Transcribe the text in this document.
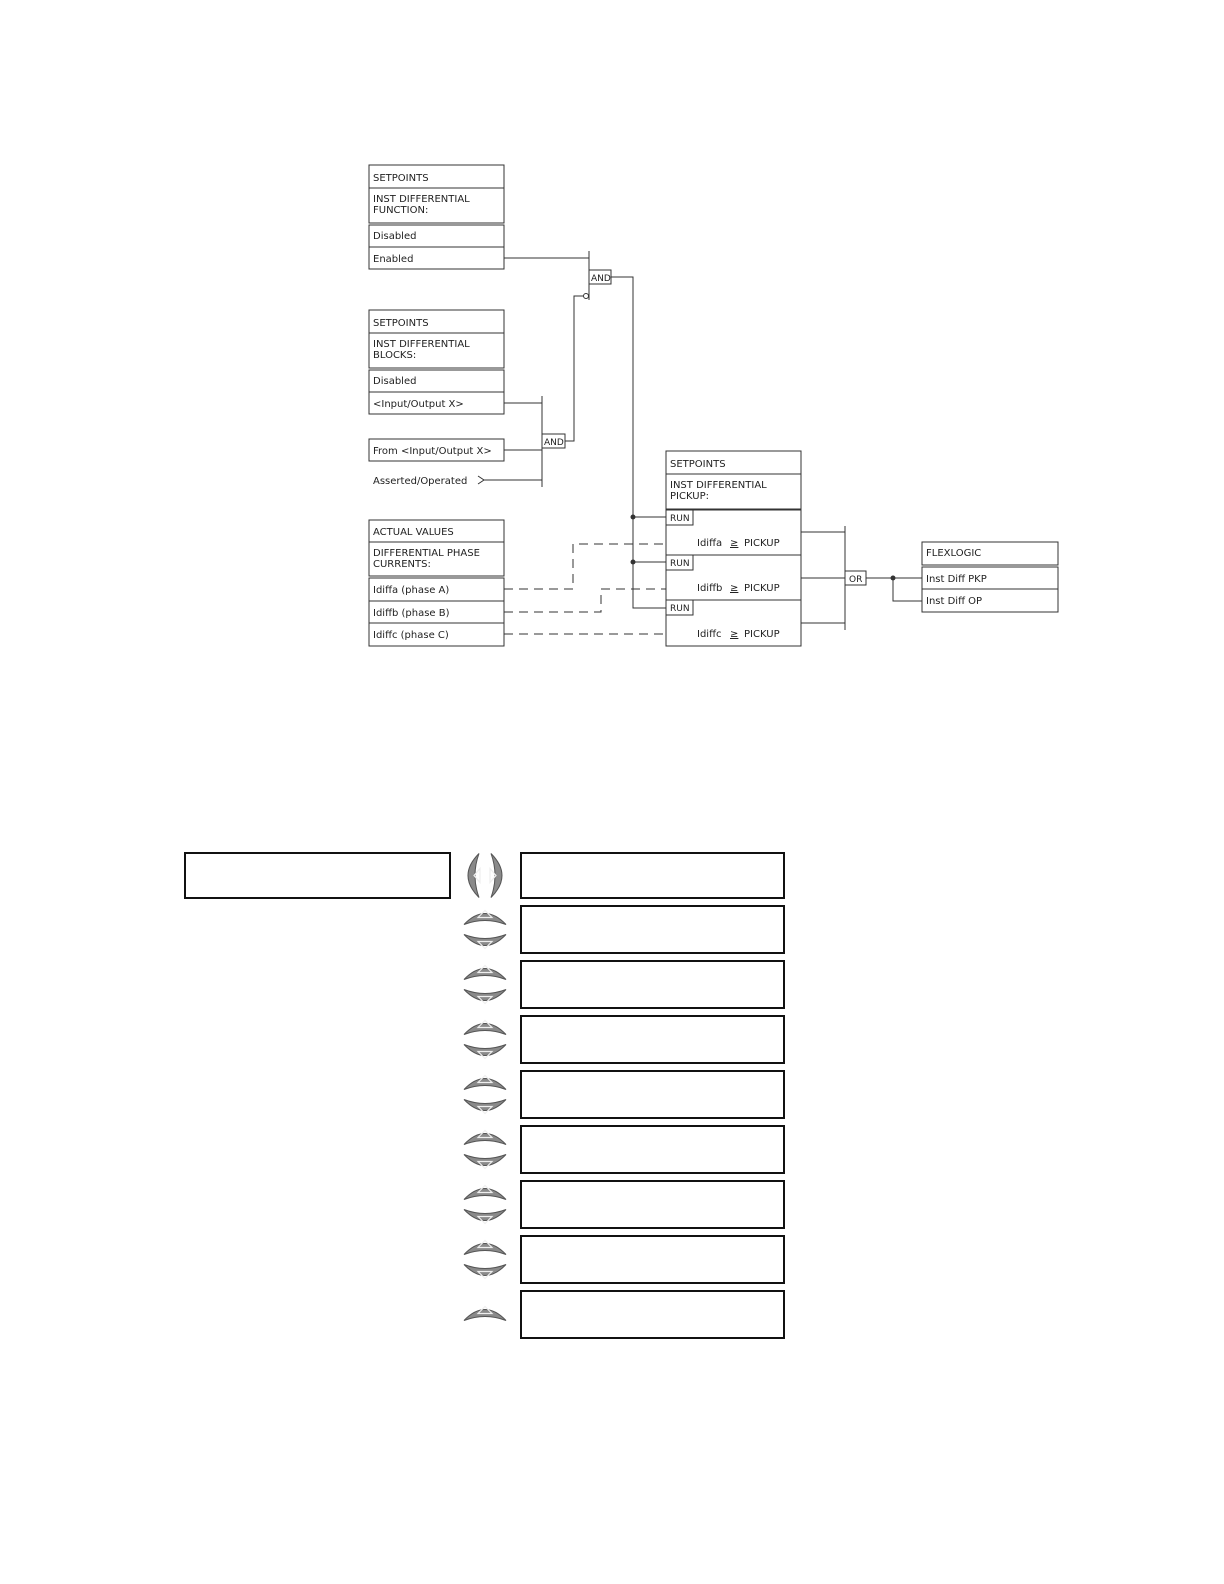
SETPOINTS
INST DIFFERENTIAL
FUNCTION:
Disabled
Enabled
SETPOINTS
INST DIFFERENTIAL
BLOCKS:
Disabled
<Input/Output X>
From <Input/Output X>
Asserted/Operated
ACTUAL VALUES
DIFFERENTIAL PHASE
CURRENTS:
Idiffa (phase A)
Idiffb (phase B)
Idiffc (phase C)
AND
AND
SETPOINTS
INST DIFFERENTIAL
PICKUP:
RUN
Idiffa ≥ PICKUP
RUN
Idiffb ≥ PICKUP
RUN
Idiffc ≥ PICKUP
OR
FLEXLOGIC
Inst Diff PKP
Inst Diff OP
